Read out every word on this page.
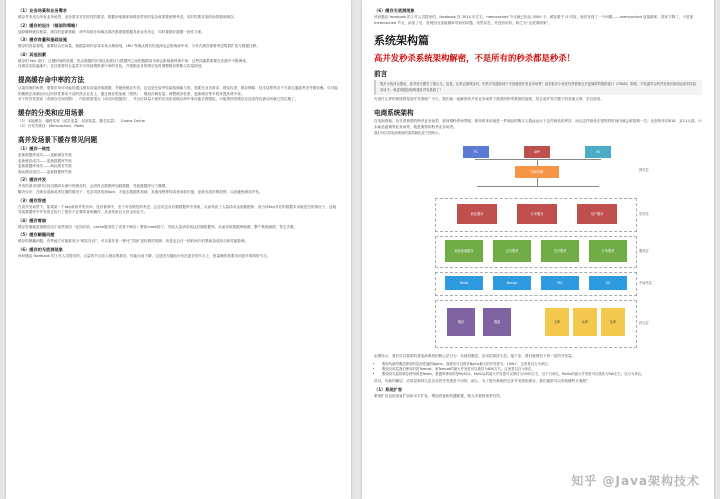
（1）业务场景和业务需求

缓存并非适合所有业务场景，业务需求对实时性的要求、数据读取频率和缓存带来的复杂度需要统筹考虑，实时性要求高的场景慎用缓存。

（2）缓存的设计（框架和策略）

选择哪种缓存框架、缓存的更新策略、命中率统计和淘汰算法都需要根据具体业务来定，同时要做好数据一致性方案。

（3）缓存容量和基础设施

缓存的容量有限，需要结合访问量、数据量和内存成本来合理规划，LRU 等淘汰算法的选择也会影响命中率，分布式缓存需要考虑集群扩容与数据迁移。

（4）其他因素

缓存的 key 设计、过期时间的设置、热点数据的识别以及缓存与数据库之间的数据同步都会影响最终命中率，这些因素都需要在实践中不断调优。

在缓存实际落地中，往往需要结合监控平台持续观察命中率的变化，并根据业务的增长及时调整缓存策略与容量规划。

提高缓存命中率的方法

从架构师的角度，需要应用尽可能的通过缓存直接获取数据，并避免缓存失效。这也是比较考验架构师能力的，需要在业务需求、缓存粒度、缓存策略、技术选型等各个方面去通盘考虑并做权衡。尽可能的聚焦在高频访问且时效性要求不高的热点业务上，通过缓存预加载（预热）、增加存储容量、调整缓存粒度、更新缓存等手段来提高命中率。

对于时效性很高（或缓存空间有限），内容跨度很大（或访问很随机），并且访问量不高的应用来说缓存命中率可能长期很低，可能预热的缓存还没来得及被访问就已经过期了。

缓存的分类和应用场景

（1）本地缓存：编程实现（成员变量、局部变量、静态变量）、Guava Cache

（2）分布式缓存：Memcached、Redis

高并发场景下缓存常见问题
（1）缓存一致性

更新数据库成功——更新缓存失败

更新缓存成功——更新数据库失败

更新数据库成功——淘汰缓存失败

淘汰缓存成功——更新数据库失败

（2）缓存并发

并发的请求同时访问过期或未命中的缓存时，会同时去数据库加载数据，导致数据库压力骤增。

解决办法：在缓存更新或者过期的情况下，先尝试获取到lock，才能去数据库加载，其他线程等待或者读取旧值，更新完成后释放锁，以此避免缓存并发。

（3）缓存穿透

在高并发场景下，如果某一个key被高并发访问，没有被命中，出于对容错性的考虑，会尝试去从后端数据库中获取，从而导致了大量请求达到数据库，而当该key对应的数据本身就是空的情况下，这就导致数据库中并发的去执行了很多不必要的查询操作，从而导致巨大冲击和压力。

（4）缓存雪崩

缓存雪崩就是指缓存由于某些原因（比如宕机、cache服务挂了或者不响应）整体crash掉了，导致大量请求到达后端数据库，从而导致数据库崩溃，整个系统崩溃，发生灾难。

（5）缓存颠簸问题

缓存的颠簸问题，有些地方可能被成为“缓存抖动”，可以看作是一种比“雪崩”更轻微的故障，但是也会在一段时间内对系统造成冲击和性能影响。

（6）缓存的无底洞现象

该问题由 facebook 的工作人员提出的，大量的节点加入缓存集群后，性能反而下降，这是因为键值分布在更多的节点上，批量操作需要访问更多的网络节点。

（6）缓存无底洞现象

该问题由 facebook 的工作人员提出的，facebook 在 2010 年左右，memcached 节点就已经达 3000 个，缓存数千 G 内容。他们发现了一个问题——memcached 连接频率，效率下降了，于是加 memcached 节点，添加了后，发现因为连接频率导致的问题，仍然存在，并没有好转，称之为“无底洞现象”。

系统架构篇
高并发秒杀系统架构解密，不是所有的秒杀都是秒杀！
前言

很多小伙伴反馈说，高并发专题学了那么久，但是，在真正做项目时，仍然不知道如何下手处理高并发业务场景！甚至很多小伙伴仍然停留在只是简单的提供接口（CRUD）阶段，不知道学习的并发知识如何运用到实际项目中，就更别提如何构建高并发系统了！

究竟什么样的系统算是高并发系统？今天，我们就一起解密高并发业务场景下典型的秒杀系统的架构，结合高并发专题下的其他文章，学以致用。

电商系统架构

在电商领域，存在着典型的秒杀业务场景，那何谓秒杀场景呢。简单的来说就是一件商品的购买人数远远大于这件商品的库存，而且这件商品在很短的时间内就会被抢购一空。比如每年的618、双11大促，小米新品促销等业务场景，就是典型的秒杀业务场景。

我们可以将电商系统的架构简化成下图所示。

PC	APP	H5
负载均衡
商品服务	订单服务	用户服务
商品基础服务	会员服务	支付服务	订单服务
Redis	Mongo	MQ	ES
缓存	搜索	主库	从库	从库
网关层
应用层
服务层
中间件层
持久层

由图所示，我们可以简单的将电商系统的核心层分为：负载均衡层，应用层和持久层。接下来，我们就预估下每一层的并发量。

• 假如负载均衡层使用的是高性能的Nginx，则我们可以预估Nginx最大的并发度为：10W+，这里是以万为单位。
• 假设应用层我们使用的是Tomcat，而Tomcat的最大并发度可以预估为800左右，这里是以百为单位。
• 假设持久层的缓存使用的是Redis，数据库使用的是MySQL，MySQL的最大并发度可以预估为1000左右，以千为单位。Redis的最大并发度可以预估为5W左右，以万为单位。

所以，负载均衡层、应用层和持久层各自的并发度是不同的，那么，为了提升系统的总体并发度和缓存，我们通常可以采取哪些方案呢？

（1）系统扩容

系统扩容包括垂直扩容和水平扩容，增加设备和机器配置，绝大多数的场景有效。

知乎 @Java架构技术
